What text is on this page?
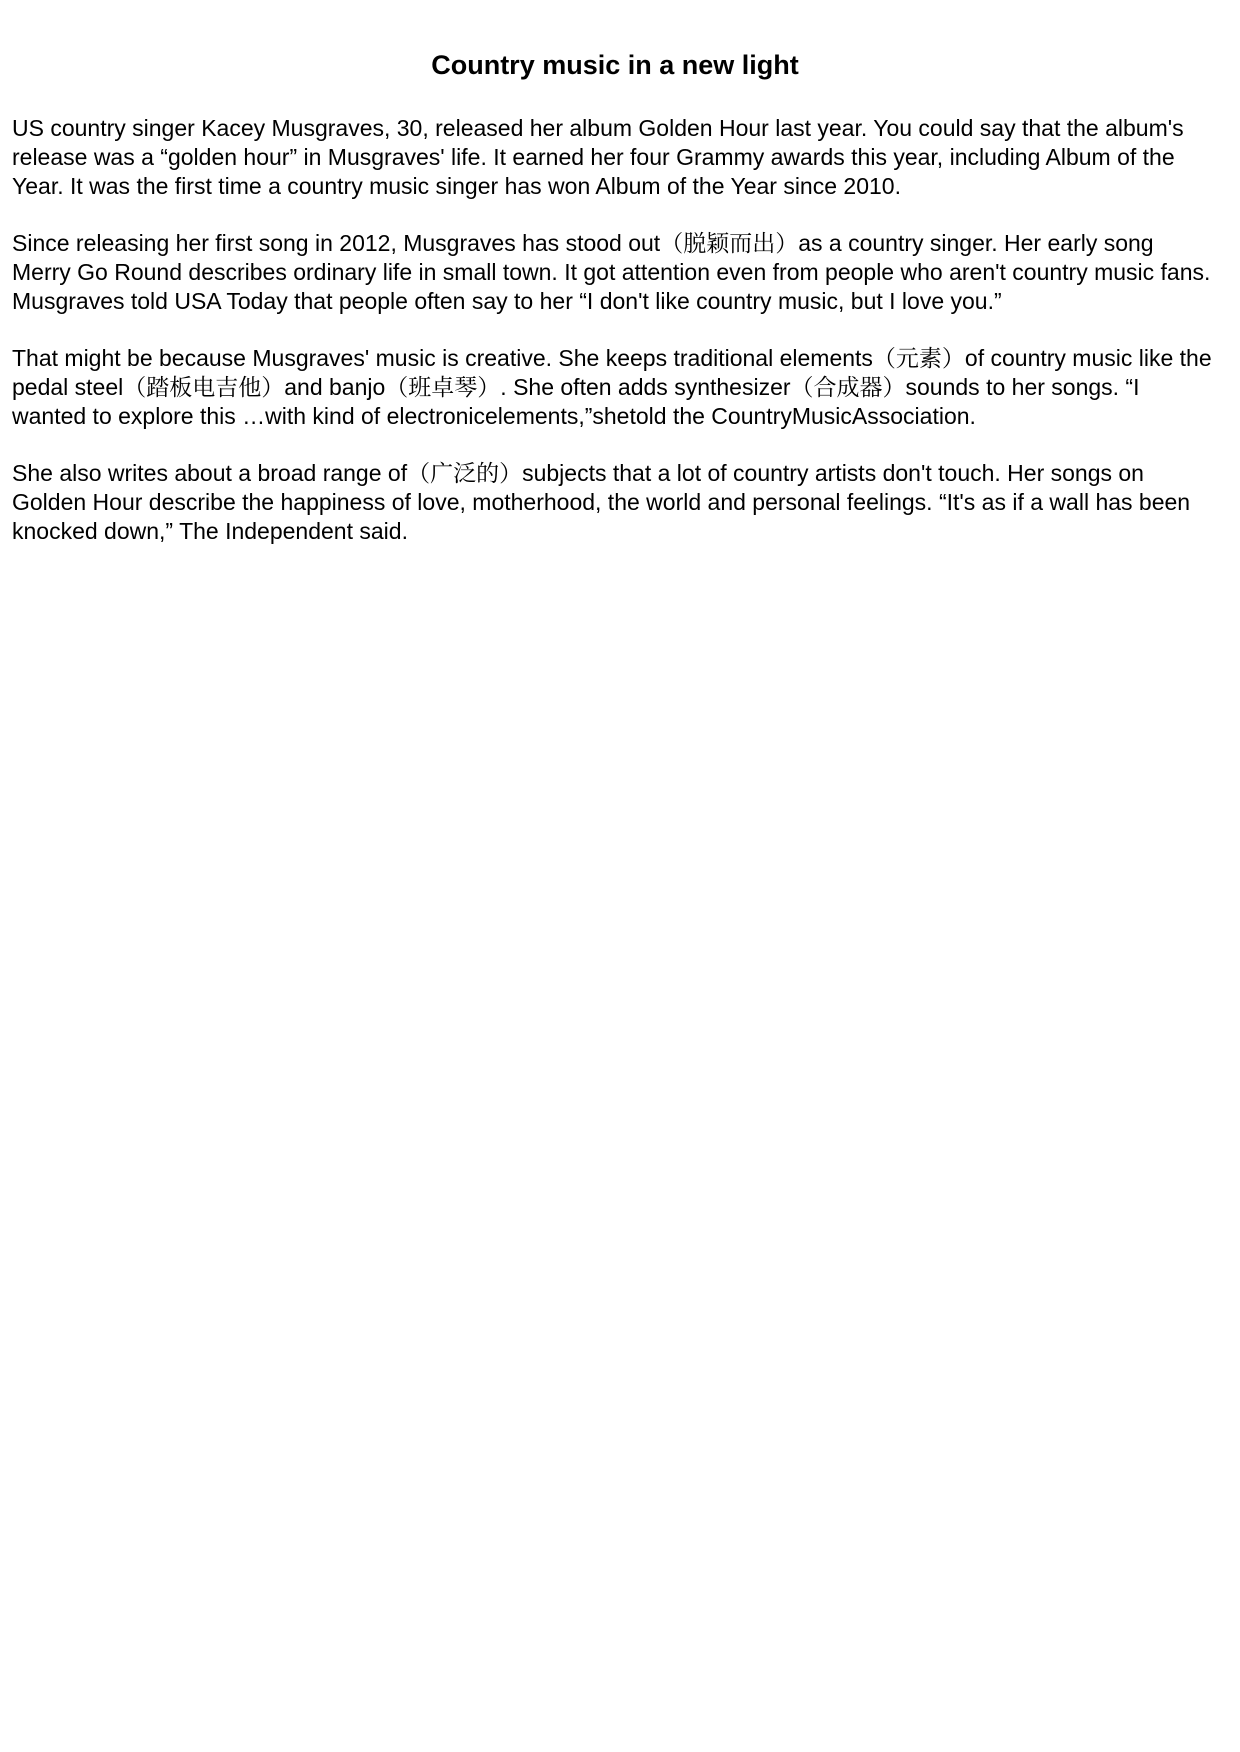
Country music in a new light

US country singer Kacey Musgraves, 30, released her album Golden Hour last year. You could say that the album's release was a “golden hour” in Musgraves' life. It earned her four Grammy awards this year, including Album of the Year. It was the first time a country music singer has won Album of the Year since 2010.

Since releasing her first song in 2012, Musgraves has stood out（脱颖而出）as a country singer. Her early song Merry Go Round describes ordinary life in small town. It got attention even from people who aren't country music fans. Musgraves told USA Today that people often say to her “I don't like country music, but I love you.”

That might be because Musgraves' music is creative. She keeps traditional elements（元素）of country music like the pedal steel（踏板电吉他）and banjo（班卓琴）. She often adds synthesizer（合成器）sounds to her songs. “I wanted to explore this …with kind of electronicelements,”shetold the CountryMusicAssociation.

She also writes about a broad range of（广泛的）subjects that a lot of country artists don't touch. Her songs on Golden Hour describe the happiness of love, motherhood, the world and personal feelings. “It's as if a wall has been knocked down,” The Independent said.
